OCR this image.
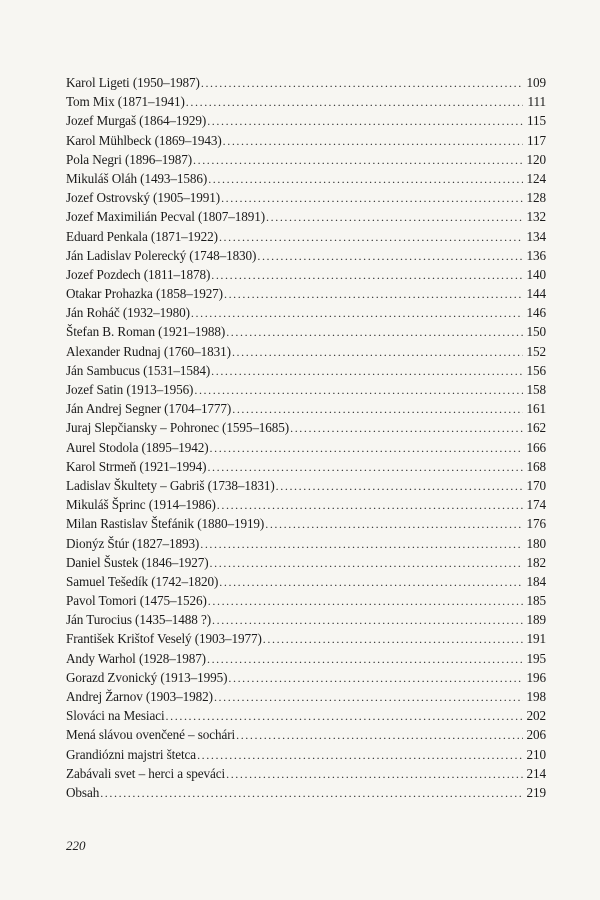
Karol Ligeti (1950–1987) .....	109
Tom Mix (1871–1941) .....	111
Jozef Murgaš (1864–1929) .....	115
Karol Mühlbeck (1869–1943) .....	117
Pola Negri (1896–1987) .....	120
Mikuláš Oláh (1493–1586) .....	124
Jozef Ostrovský (1905–1991) .....	128
Jozef Maximilián Pecval (1807–1891) .....	132
Eduard Penkala (1871–1922) .....	134
Ján Ladislav Polerecký (1748–1830) .....	136
Jozef Pozdech (1811–1878) .....	140
Otakar Prohazka (1858–1927) .....	144
Ján Roháč (1932–1980) .....	146
Štefan B. Roman (1921–1988) .....	150
Alexander Rudnaj (1760–1831) .....	152
Ján Sambucus (1531–1584) .....	156
Jozef Satin (1913–1956) .....	158
Ján Andrej Segner (1704–1777) .....	161
Juraj Slepčiansky – Pohronec (1595–1685) .....	162
Aurel Stodola (1895–1942) .....	166
Karol Strmeň (1921–1994) .....	168
Ladislav Škultety – Gabriš (1738–1831) .....	170
Mikuláš Šprinc (1914–1986) .....	174
Milan Rastislav Štefánik (1880–1919) .....	176
Dionýz Štúr (1827–1893) .....	180
Daniel Šustek (1846–1927) .....	182
Samuel Tešedík (1742–1820) .....	184
Pavol Tomori (1475–1526) .....	185
Ján Turocius (1435–1488 ?) .....	189
František Krištof Veselý (1903–1977) .....	191
Andy Warhol (1928–1987) .....	195
Gorazd Zvonický (1913–1995) .....	196
Andrej Žarnov (1903–1982) .....	198
Slováci na Mesiaci .....	202
Mená slávou ovenčené – sochári .....	206
Grandiózni majstri štetca .....	210
Zabávali svet – herci a speváci .....	214
Obsah .....	219
220
